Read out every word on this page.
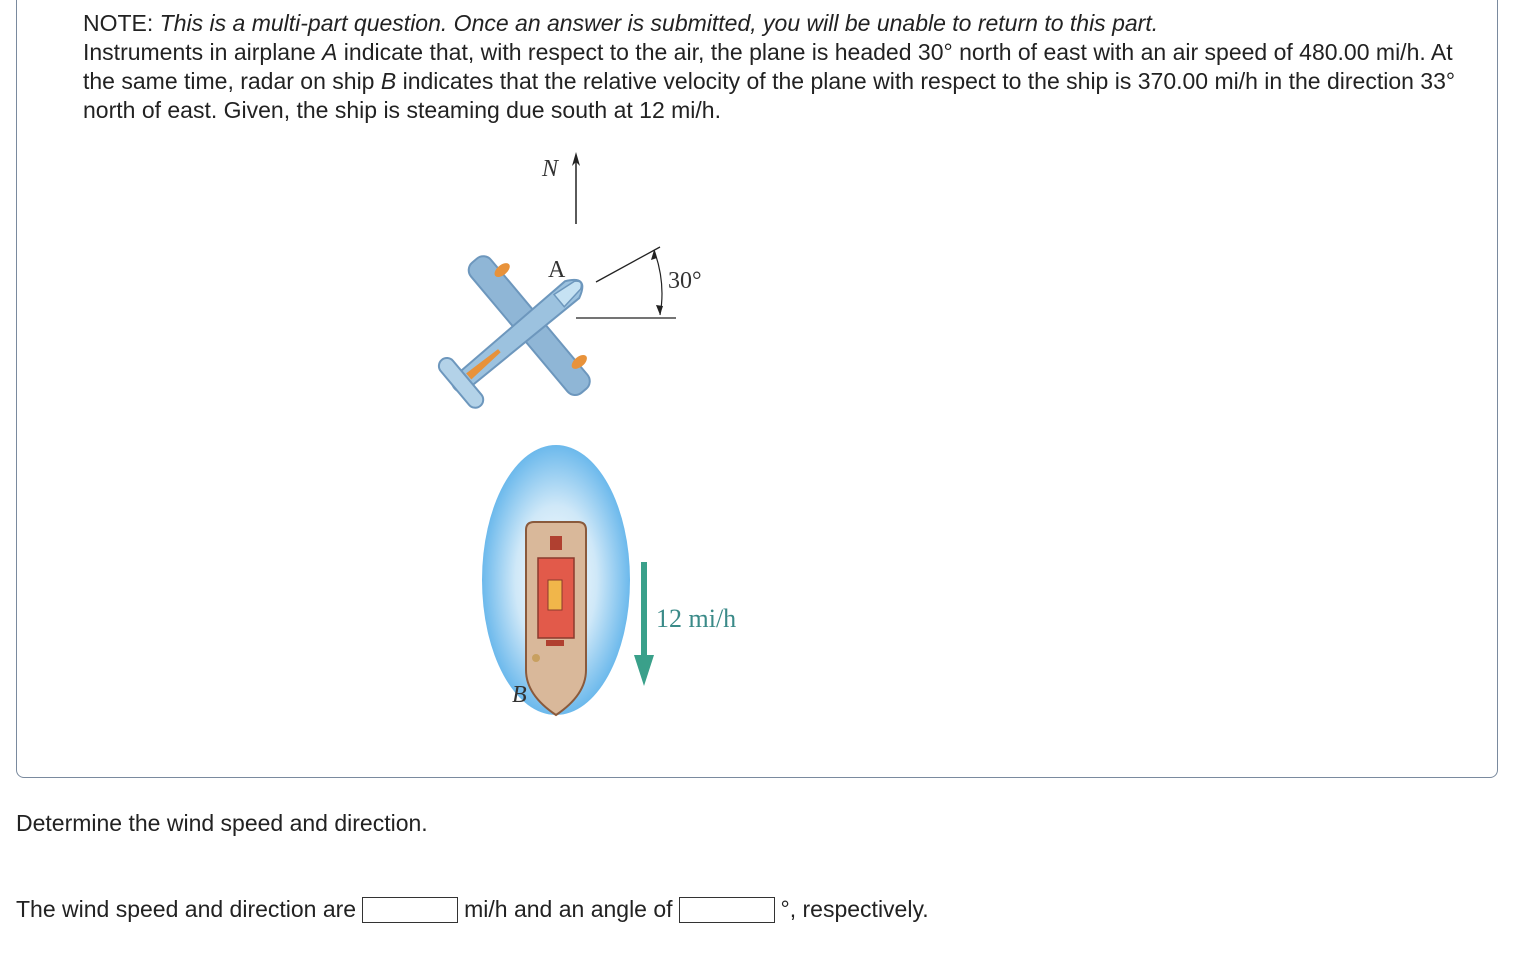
NOTE: This is a multi-part question. Once an answer is submitted, you will be unable to return to this part.

Instruments in airplane A indicate that, with respect to the air, the plane is headed 30° north of east with an air speed of 480.00 mi/h. At the same time, radar on ship B indicates that the relative velocity of the plane with respect to the ship is 370.00 mi/h in the direction 33° north of east. Given, the ship is steaming due south at 12 mi/h.

N
A	30°
B
12 mi/h

Determine the wind speed and direction.

The wind speed and direction are	mi/h and an angle of	°, respectively.
